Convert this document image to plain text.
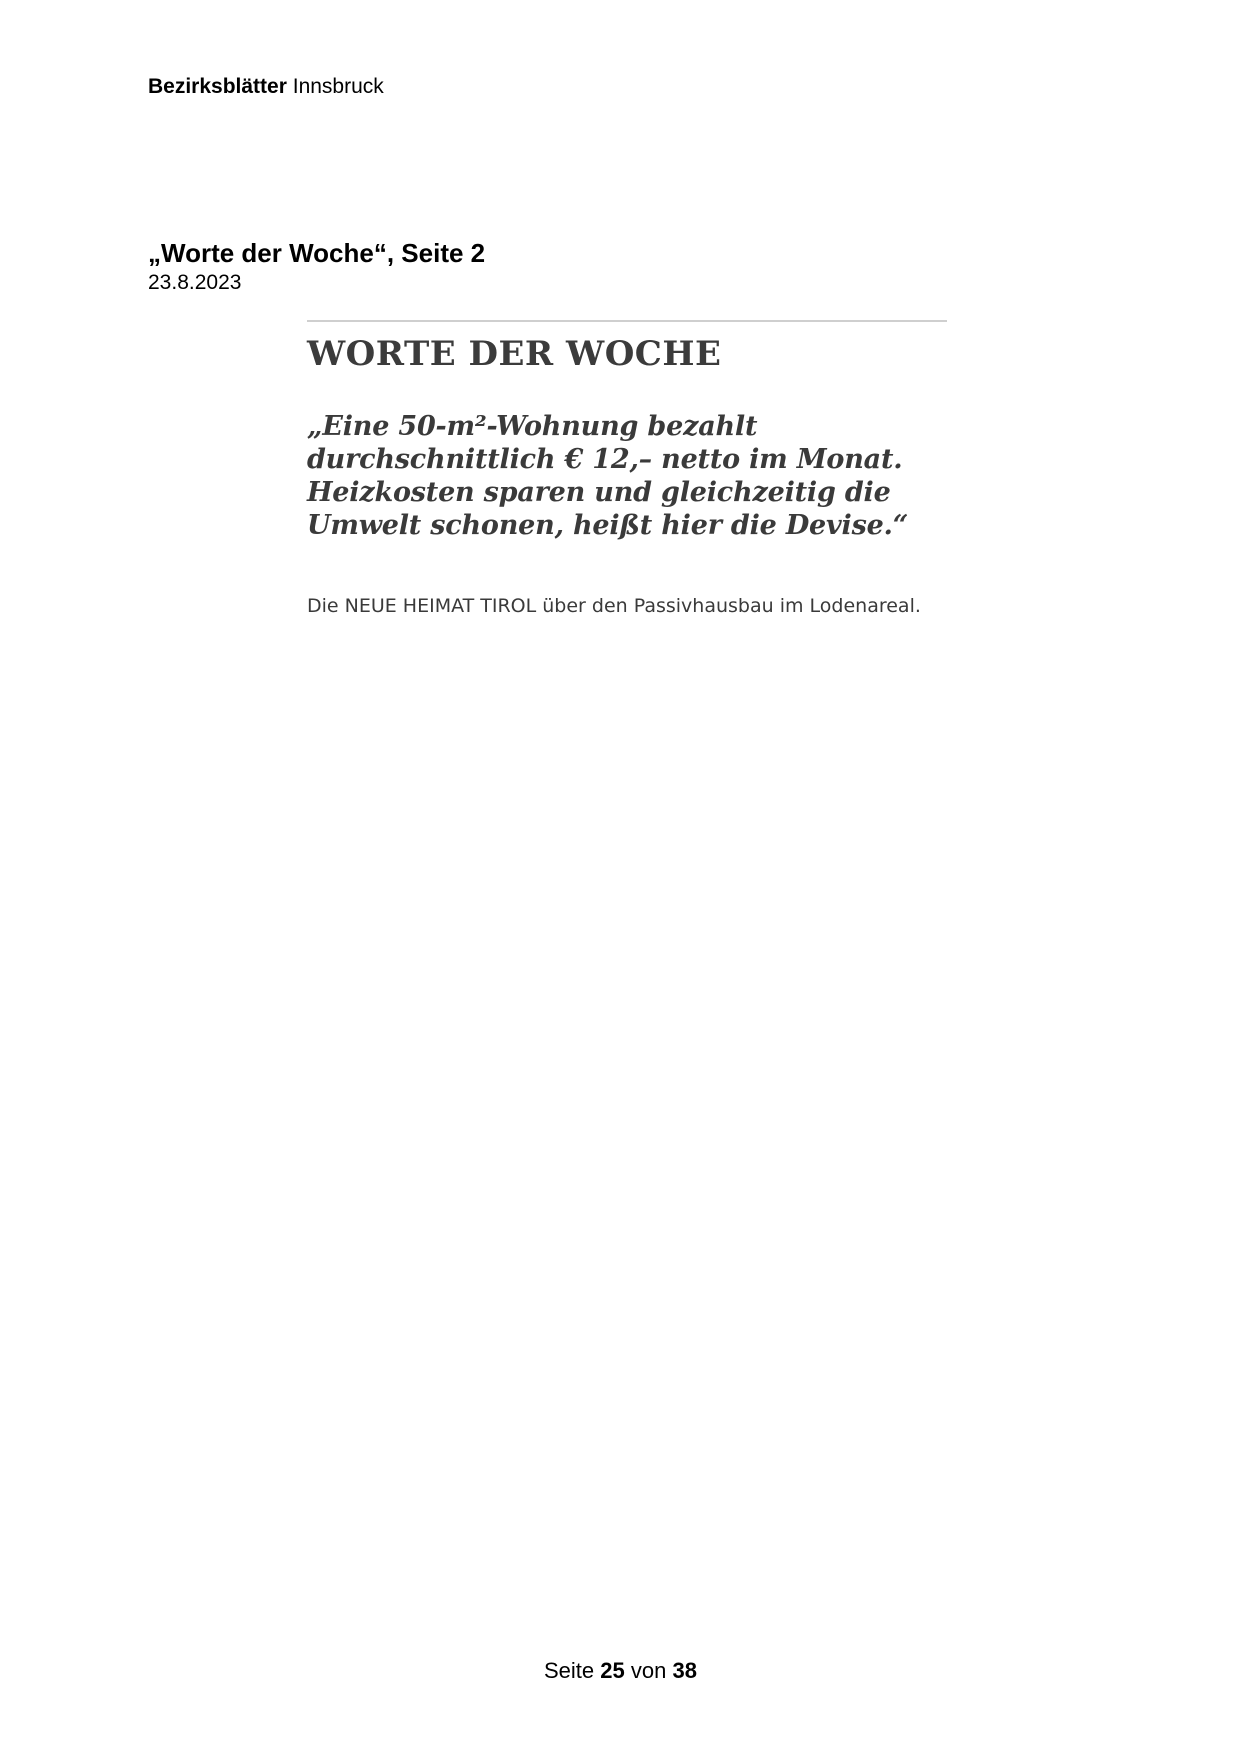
Bezirksblätter Innsbruck
„Worte der Woche“, Seite 2
23.8.2023
WORTE DER WOCHE
„Eine 50-m²-Wohnung bezahlt durchschnittlich € 12,– netto im Monat. Heizkosten sparen und gleichzeitig die Umwelt schonen, heißt hier die Devise.“
Die NEUE HEIMAT TIROL über den Passivhausbau im Lodenareal.
Seite 25 von 38
